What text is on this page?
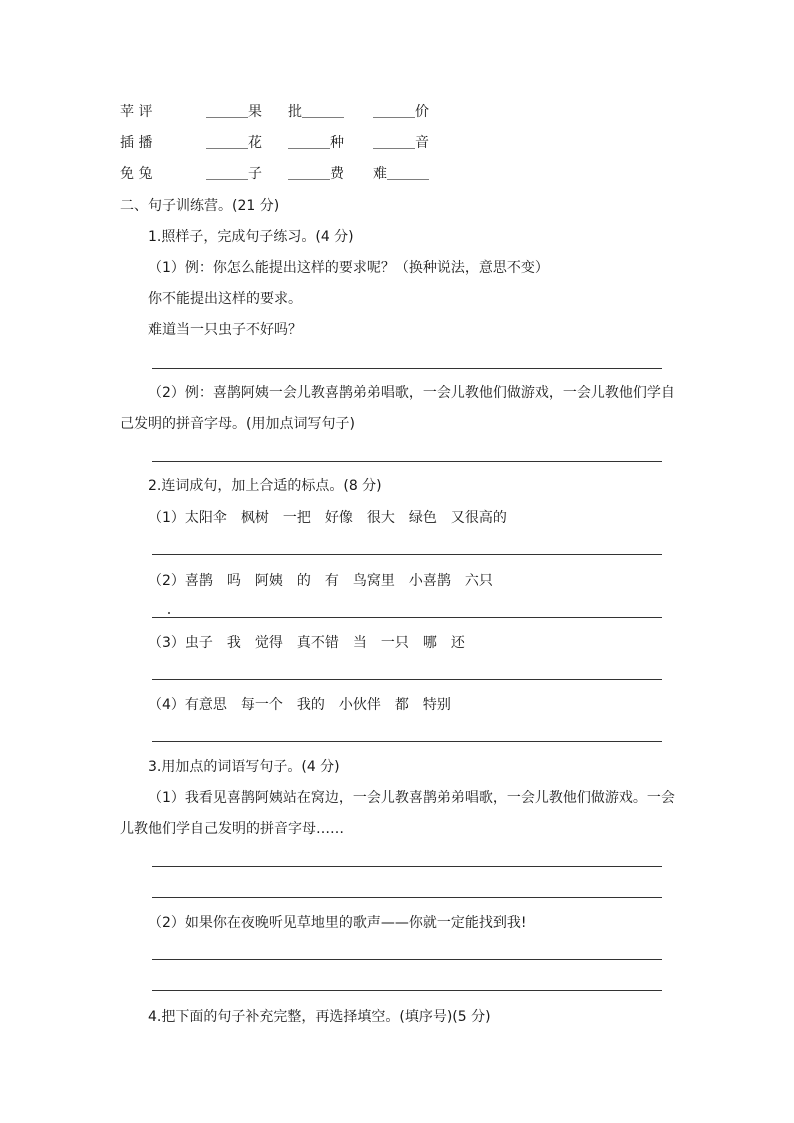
苹 评	＿＿＿果 批＿＿＿ ＿＿＿价
插 播	＿＿＿花 ＿＿＿种 ＿＿＿音
免 兔	＿＿＿子 ＿＿＿费 难＿＿＿
二、句子训练营。(21 分)
1.照样子，完成句子练习。(4 分)
（1）例：你怎么能提出这样的要求呢？（换种说法，意思不变）
你不能提出这样的要求。
难道当一只虫子不好吗？
（2）例：喜鹊阿姨一会儿教喜鹊弟弟唱歌，一会儿教他们做游戏，一会儿教他们学自
己发明的拼音字母。(用加点词写句子)
2.连词成句，加上合适的标点。(8 分)
（1）太阳伞　枫树　一把　好像　很大　绿色　又很高的
（2）喜鹊　吗　阿姨　的　有　鸟窝里　小喜鹊　六只
（3）虫子　我　觉得　真不错　当　一只　哪　还
（4）有意思　每一个　我的　小伙伴　都　特别
3.用加点的词语写句子。(4 分)
（1）我看见喜鹊阿姨站在窝边，一会儿教喜鹊弟弟唱歌，一会儿教他们做游戏。一会
儿教他们学自己发明的拼音字母……
（2）如果你在夜晚听见草地里的歌声——你就一定能找到我!
4.把下面的句子补充完整，再选择填空。(填序号)(5 分)
